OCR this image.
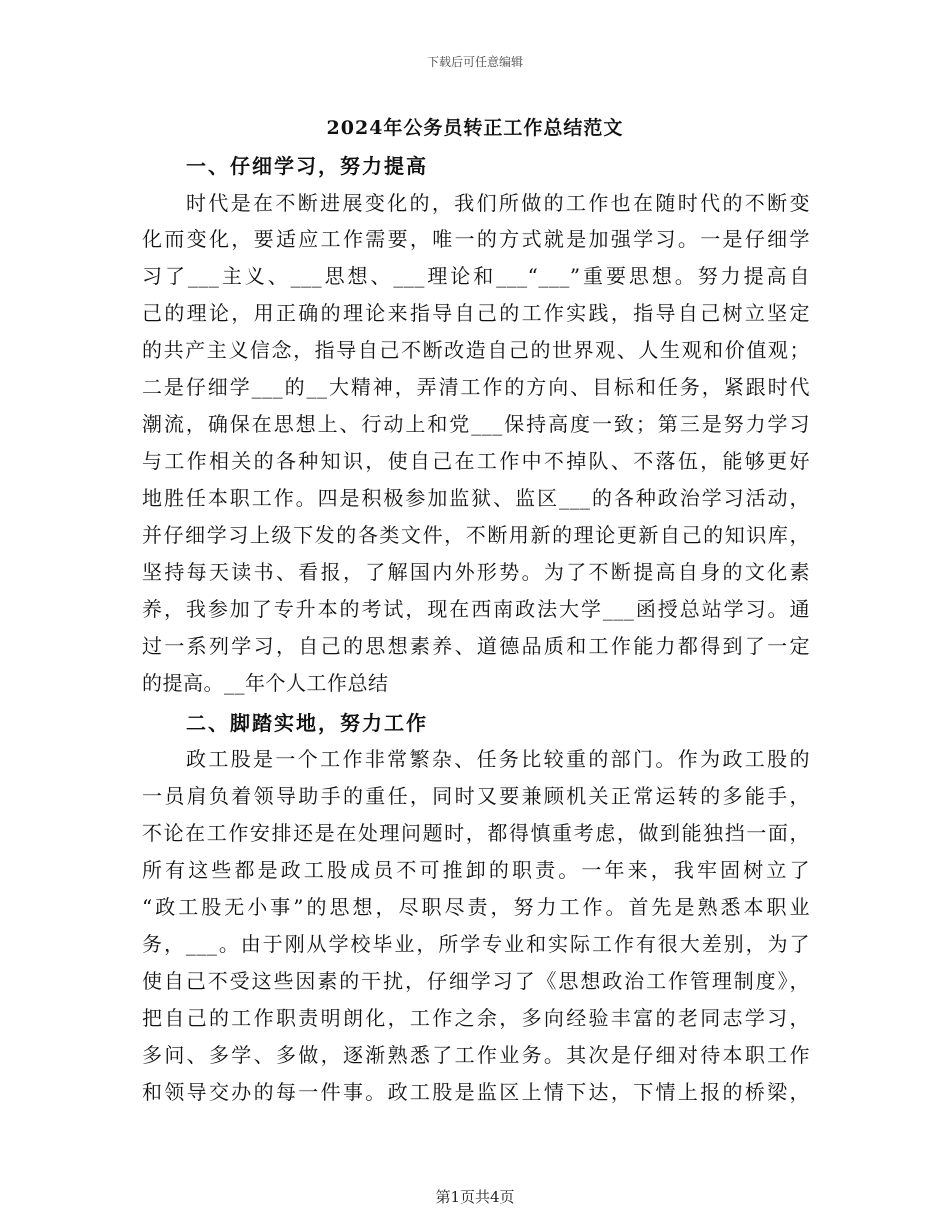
下载后可任意编辑
2024年公务员转正工作总结范文
一、仔细学习，努力提高
时代是在不断进展变化的，我们所做的工作也在随时代的不断变
化而变化，要适应工作需要，唯一的方式就是加强学习。一是仔细学
习了___主义、___思想、___理论和___“___”重要思想。努力提高自
己的理论，用正确的理论来指导自己的工作实践，指导自己树立坚定
的共产主义信念，指导自己不断改造自己的世界观、人生观和价值观；
二是仔细学___的__大精神，弄清工作的方向、目标和任务，紧跟时代
潮流，确保在思想上、行动上和党___保持高度一致；第三是努力学习
与工作相关的各种知识，使自己在工作中不掉队、不落伍，能够更好
地胜任本职工作。四是积极参加监狱、监区___的各种政治学习活动，
并仔细学习上级下发的各类文件，不断用新的理论更新自己的知识库，
坚持每天读书、看报，了解国内外形势。为了不断提高自身的文化素
养，我参加了专升本的考试，现在西南政法大学___函授总站学习。通
过一系列学习，自己的思想素养、道德品质和工作能力都得到了一定
的提高。__年个人工作总结
二、脚踏实地，努力工作
政工股是一个工作非常繁杂、任务比较重的部门。作为政工股的
一员肩负着领导助手的重任，同时又要兼顾机关正常运转的多能手，
不论在工作安排还是在处理问题时，都得慎重考虑，做到能独挡一面，
所有这些都是政工股成员不可推卸的职责。一年来，我牢固树立了
“政工股无小事”的思想，尽职尽责，努力工作。首先是熟悉本职业
务，___。由于刚从学校毕业，所学专业和实际工作有很大差别，为了
使自己不受这些因素的干扰，仔细学习了《思想政治工作管理制度》，
把自己的工作职责明朗化，工作之余，多向经验丰富的老同志学习，
多问、多学、多做，逐渐熟悉了工作业务。其次是仔细对待本职工作
和领导交办的每一件事。政工股是监区上情下达，下情上报的桥梁，
第1页共4页
